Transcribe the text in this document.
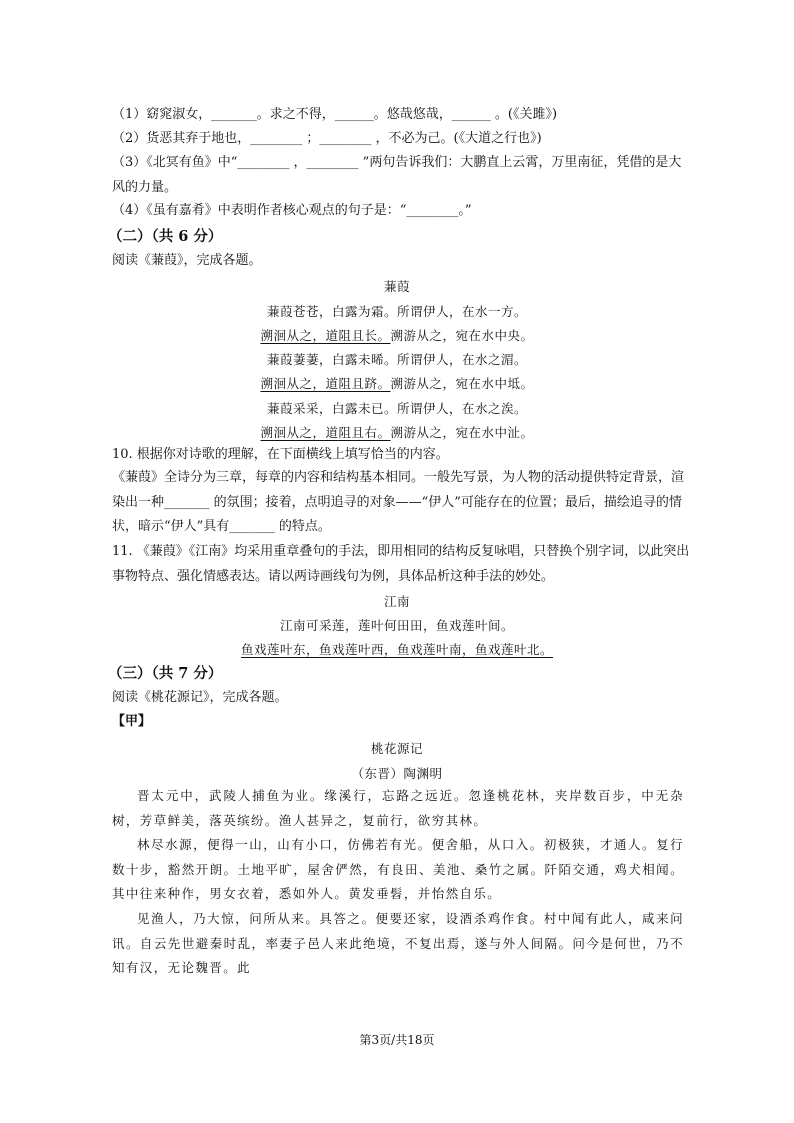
（1）窈窕淑女，_______。求之不得，______。悠哉悠哉，______ 。(《关雎》)
（2）货恶其弃于地也，________ ；________ ，不必为己。(《大道之行也》)
（3）《北冥有鱼》中“________ ，________ ”两句告诉我们：大鹏直上云霄，万里南征，凭借的是大风的力量。
（4）《虽有嘉肴》中表明作者核心观点的句子是：“________。”
（二）（共 6 分）
阅读《蒹葭》，完成各题。
蒹葭
蒹葭苍苍，白露为霜。所谓伊人，在水一方。
溯洄从之，道阻且长。溯游从之，宛在水中央。
蒹葭萋萋，白露未晞。所谓伊人，在水之湄。
溯洄从之，道阻且跻。溯游从之，宛在水中坻。
蒹葭采采，白露未已。所谓伊人，在水之涘。
溯洄从之，道阻且右。溯游从之，宛在水中沚。
10. 根据你对诗歌的理解，在下面横线上填写恰当的内容。
《蒹葭》全诗分为三章，每章的内容和结构基本相同。一般先写景，为人物的活动提供特定背景，渲染出一种_______ 的氛围；接着，点明追寻的对象——“伊人”可能存在的位置；最后，描绘追寻的情状，暗示“伊人”具有_______ 的特点。
11. 《蒹葭》《江南》均采用重章叠句的手法，即用相同的结构反复咏唱，只替换个别字词，以此突出事物特点、强化情感表达。请以两诗画线句为例，具体品析这种手法的妙处。
江南
江南可采莲，莲叶何田田，鱼戏莲叶间。
鱼戏莲叶东，鱼戏莲叶西，鱼戏莲叶南，鱼戏莲叶北。
（三）（共 7 分）
阅读《桃花源记》，完成各题。
【甲】
桃花源记
（东晋）陶渊明
晋太元中，武陵人捕鱼为业。缘溪行，忘路之远近。忽逢桃花林，夹岸数百步，中无杂树，芳草鲜美，落英缤纷。渔人甚异之，复前行，欲穷其林。
林尽水源，便得一山，山有小口，仿佛若有光。便舍船，从口入。初极狭，才通人。复行数十步，豁然开朗。土地平旷，屋舍俨然，有良田、美池、桑竹之属。阡陌交通，鸡犬相闻。其中往来种作，男女衣着，悉如外人。黄发垂髫，并怡然自乐。
见渔人，乃大惊，问所从来。具答之。便要还家，设酒杀鸡作食。村中闻有此人，咸来问讯。自云先世避秦时乱，率妻子邑人来此绝境，不复出焉，遂与外人间隔。问今是何世，乃不知有汉，无论魏晋。此
第3页/共18页
